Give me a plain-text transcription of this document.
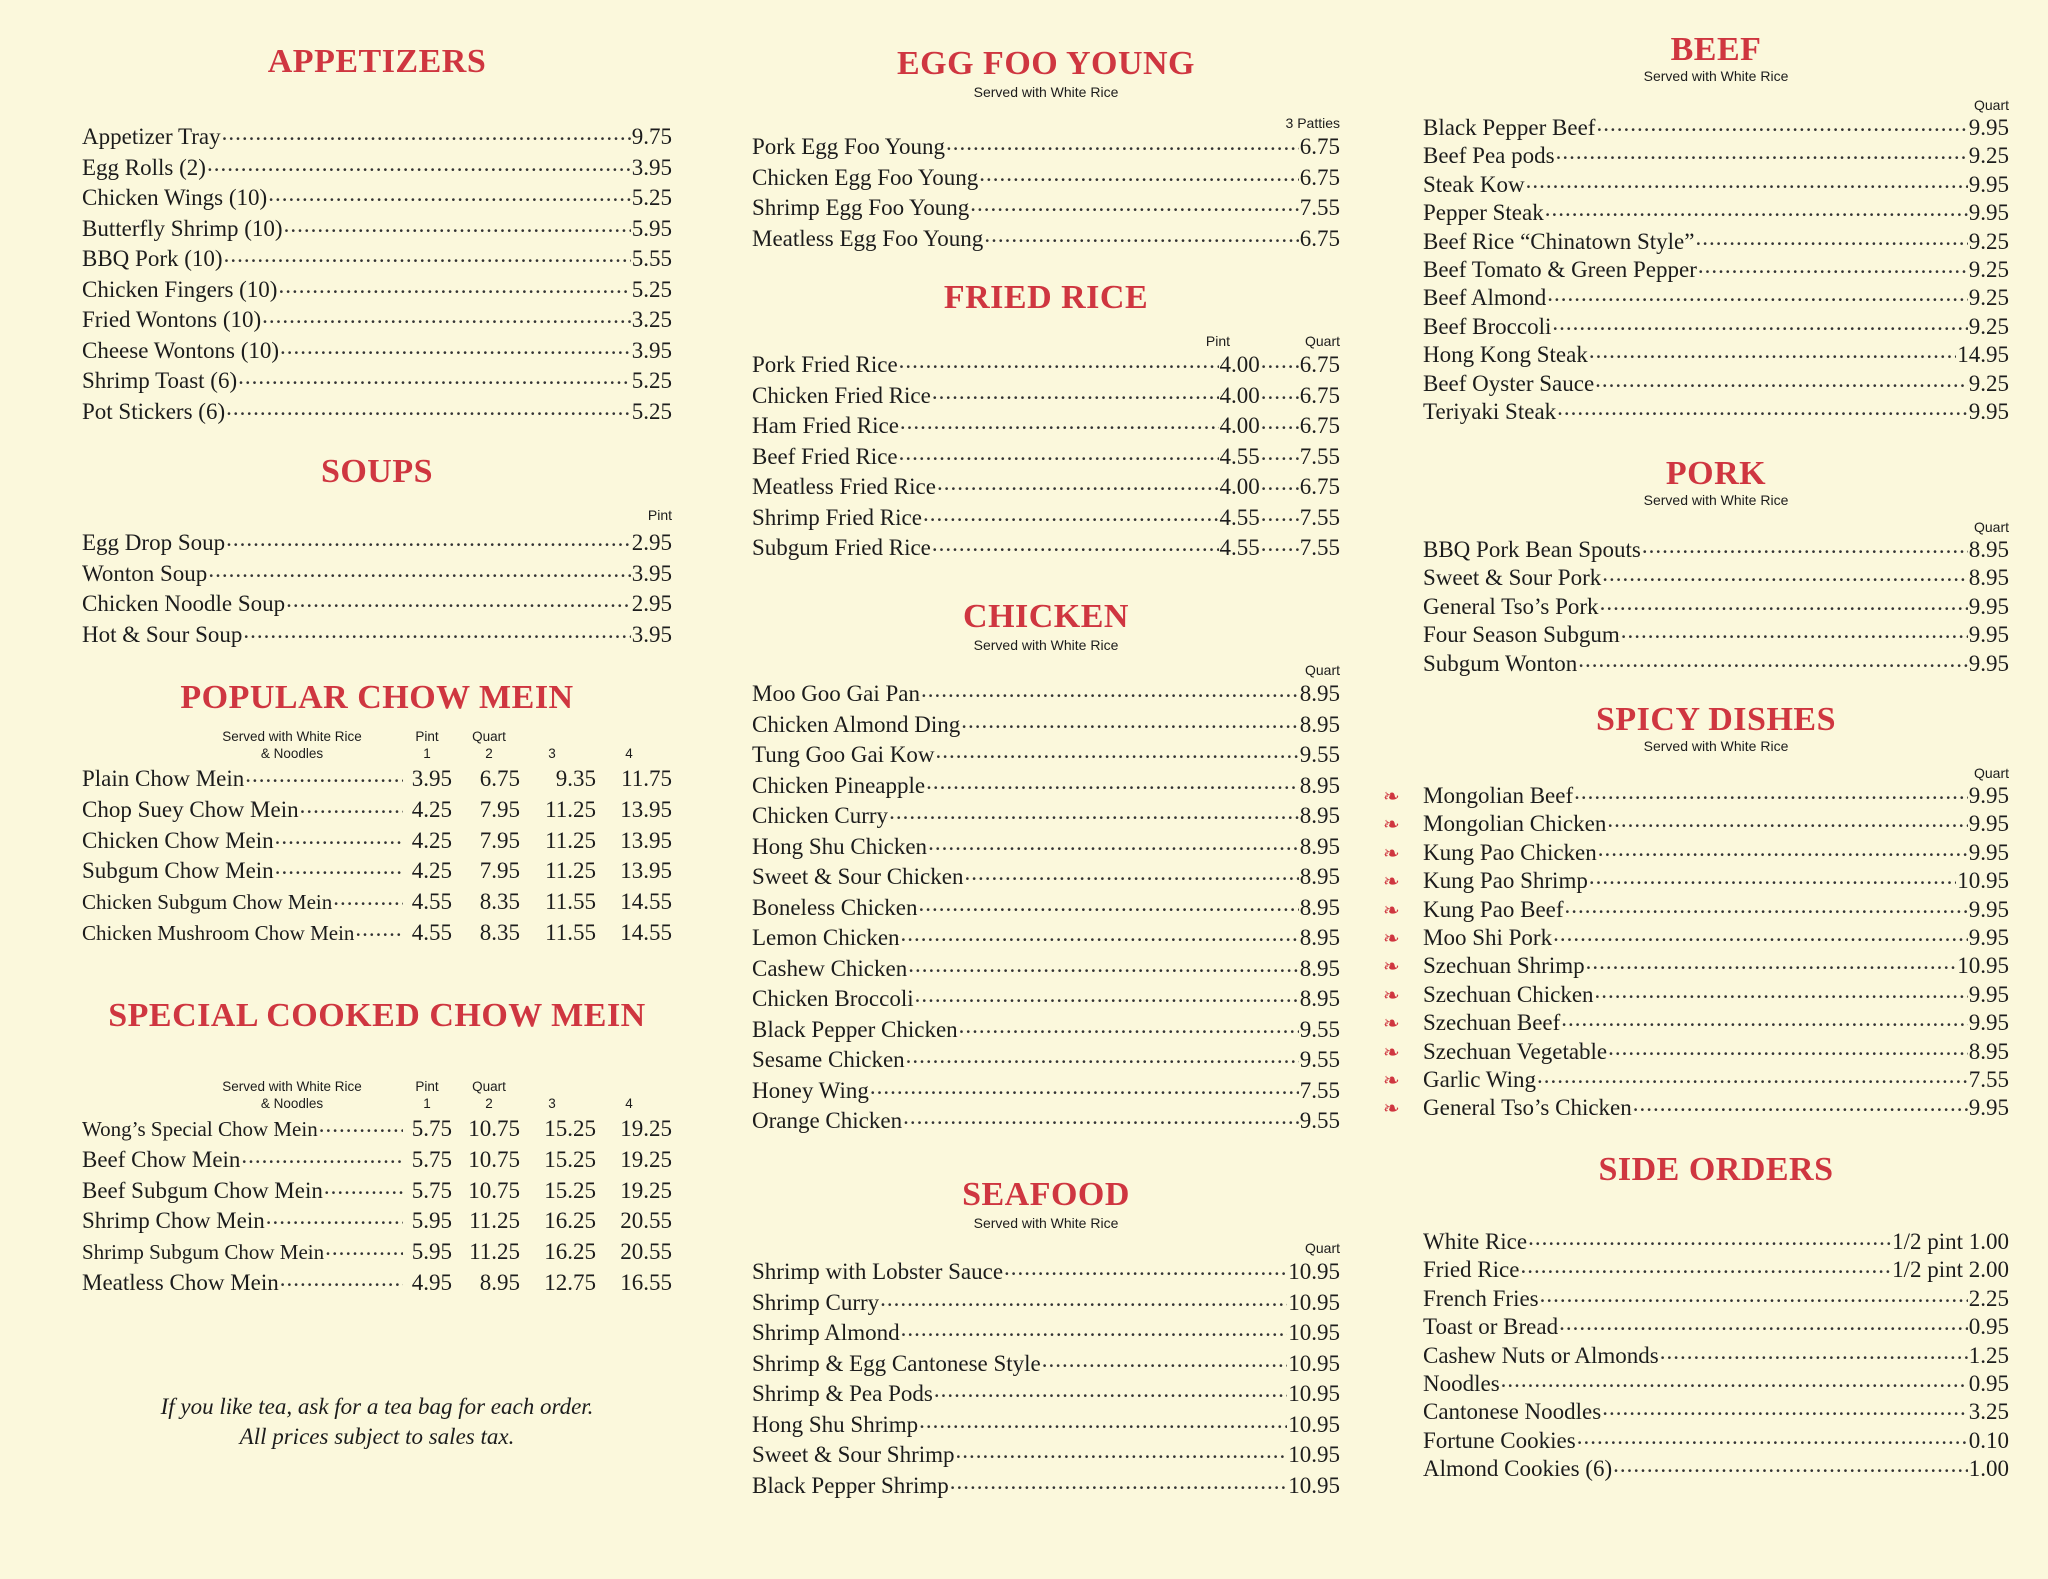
APPETIZERS
Appetizer Tray .....	9.75
Egg Rolls (2) .....	3.95
Chicken Wings (10) .....	5.25
Butterfly Shrimp (10) .....	5.95
BBQ Pork (10) .....	5.55
Chicken Fingers (10) .....	5.25
Fried Wontons (10) .....	3.25
Cheese Wontons (10) .....	3.95
Shrimp Toast (6) .....	5.25
Pot Stickers (6) .....	5.25
SOUPS
Pint
Egg Drop Soup .....	2.95
Wonton Soup .....	3.95
Chicken Noodle Soup .....	2.95
Hot & Sour Soup .....	3.95
POPULAR CHOW MEIN
Served with White Rice
& Noodles
Pint
1
Quart
2	3	4
Plain Chow Mein .....	3.95	6.75	9.35	11.75
Chop Suey Chow Mein .....	4.25	7.95	11.25	13.95
Chicken Chow Mein .....	4.25	7.95	11.25	13.95
Subgum Chow Mein .....	4.25	7.95	11.25	13.95
Chicken Subgum Chow Mein .....	4.55	8.35	11.55	14.55
Chicken Mushroom Chow Mein .....	4.55	8.35	11.55	14.55
SPECIAL COOKED CHOW MEIN
Served with White Rice
& Noodles
Pint
1
Quart
2	3	4
Wong’s Special Chow Mein .....	5.75 10.75	15.25	19.25
Beef Chow Mein .....	5.75 10.75	15.25	19.25
Beef Subgum Chow Mein .....	5.75 10.75	15.25	19.25
Shrimp Chow Mein .....	5.95 11.25	16.25	20.55
Shrimp Subgum Chow Mein .....	5.95 11.25	16.25	20.55
Meatless Chow Mein .....	4.95	8.95	12.75	16.55
If you like tea, ask for a tea bag for each order.
All prices subject to sales tax.
EGG FOO YOUNG
Served with White Rice
3 Patties
Pork Egg Foo Young .....	6.75
Chicken Egg Foo Young .....	6.75
Shrimp Egg Foo Young .....	7.55
Meatless Egg Foo Young .....	6.75
FRIED RICE
Pint	Quart
Pork Fried Rice .....	4.00 ..... 6.75
Chicken Fried Rice .....	4.00 ..... 6.75
Ham Fried Rice .....	4.00 ..... 6.75
Beef Fried Rice .....	4.55 ..... 7.55
Meatless Fried Rice .....	4.00 ..... 6.75
Shrimp Fried Rice .....	4.55 ..... 7.55
Subgum Fried Rice .....	4.55 ..... 7.55
CHICKEN
Served with White Rice
Quart
Moo Goo Gai Pan .....	8.95
Chicken Almond Ding .....	8.95
Tung Goo Gai Kow .....	9.55
Chicken Pineapple .....	8.95
Chicken Curry .....	8.95
Hong Shu Chicken .....	8.95
Sweet & Sour Chicken .....	8.95
Boneless Chicken .....	8.95
Lemon Chicken .....	8.95
Cashew Chicken .....	8.95
Chicken Broccoli .....	8.95
Black Pepper Chicken .....	9.55
Sesame Chicken .....	9.55
Honey Wing .....	7.55
Orange Chicken .....	9.55
SEAFOOD
Served with White Rice
Quart
Shrimp with Lobster Sauce .....	10.95
Shrimp Curry .....	10.95
Shrimp Almond .....	10.95
Shrimp & Egg Cantonese Style .....	10.95
Shrimp & Pea Pods .....	10.95
Hong Shu Shrimp .....	10.95
Sweet & Sour Shrimp .....	10.95
Black Pepper Shrimp .....	10.95
BEEF
Served with White Rice
Quart
Black Pepper Beef .....	9.95
Beef Pea pods .....	9.25
Steak Kow .....	9.95
Pepper Steak .....	9.95
Beef Rice “Chinatown Style” .....	9.25
Beef Tomato & Green Pepper .....	9.25
Beef Almond .....	9.25
Beef Broccoli .....	9.25
Hong Kong Steak .....	14.95
Beef Oyster Sauce .....	9.25
Teriyaki Steak .....	9.95
PORK
Served with White Rice
Quart
BBQ Pork Bean Spouts .....	8.95
Sweet & Sour Pork .....	8.95
General Tso’s Pork .....	9.95
Four Season Subgum .....	9.95
Subgum Wonton .....	9.95
SPICY DISHES
Served with White Rice
Quart
❧	Mongolian Beef .....	9.95
❧	Mongolian Chicken .....	9.95
❧	Kung Pao Chicken .....	9.95
❧	Kung Pao Shrimp .....	10.95
❧	Kung Pao Beef .....	9.95
❧	Moo Shi Pork .....	9.95
❧	Szechuan Shrimp .....	10.95
❧	Szechuan Chicken .....	9.95
❧	Szechuan Beef .....	9.95
❧	Szechuan Vegetable .....	8.95
❧	Garlic Wing .....	7.55
❧	General Tso’s Chicken .....	9.95
SIDE ORDERS
White Rice .....	1/2 pint 1.00
Fried Rice .....	1/2 pint 2.00
French Fries .....	2.25
Toast or Bread .....	0.95
Cashew Nuts or Almonds .....	1.25
Noodles .....	0.95
Cantonese Noodles .....	3.25
Fortune Cookies .....	0.10
Almond Cookies (6) .....	1.00
